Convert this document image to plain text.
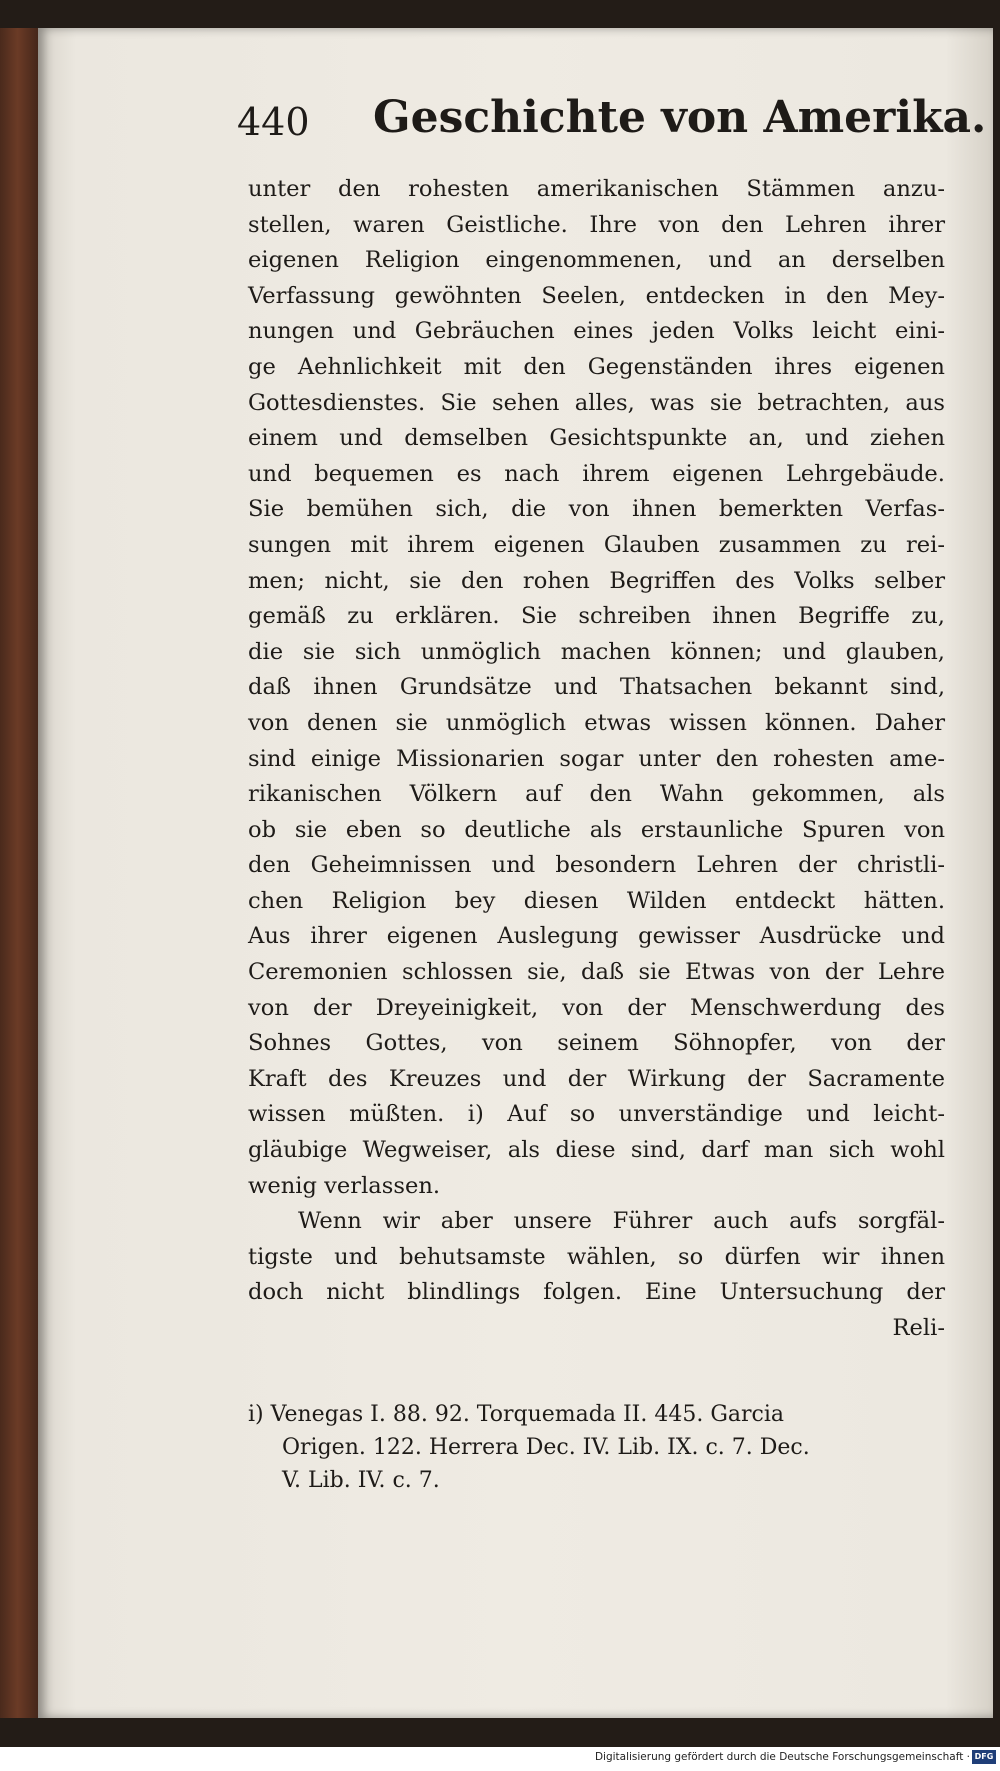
440 Geschichte von Amerika.
unter den rohesten amerikanischen Stämmen anzu-
stellen, waren Geistliche. Ihre von den Lehren ihrer
eigenen Religion eingenommenen, und an derselben
Verfassung gewöhnten Seelen, entdecken in den Mey-
nungen und Gebräuchen eines jeden Volks leicht eini-
ge Aehnlichkeit mit den Gegenständen ihres eigenen
Gottesdienstes. Sie sehen alles, was sie betrachten, aus
einem und demselben Gesichtspunkte an, und ziehen
und bequemen es nach ihrem eigenen Lehrgebäude.
Sie bemühen sich, die von ihnen bemerkten Verfas-
sungen mit ihrem eigenen Glauben zusammen zu rei-
men; nicht, sie den rohen Begriffen des Volks selber
gemäß zu erklären. Sie schreiben ihnen Begriffe zu,
die sie sich unmöglich machen können; und glauben,
daß ihnen Grundsätze und Thatsachen bekannt sind,
von denen sie unmöglich etwas wissen können. Daher
sind einige Missionarien sogar unter den rohesten ame-
rikanischen Völkern auf den Wahn gekommen, als
ob sie eben so deutliche als erstaunliche Spuren von
den Geheimnissen und besondern Lehren der christli-
chen Religion bey diesen Wilden entdeckt hätten.
Aus ihrer eigenen Auslegung gewisser Ausdrücke und
Ceremonien schlossen sie, daß sie Etwas von der Lehre
von der Dreyeinigkeit, von der Menschwerdung des
Sohnes Gottes, von seinem Söhnopfer, von der
Kraft des Kreuzes und der Wirkung der Sacramente
wissen müßten. i) Auf so unverständige und leicht-
gläubige Wegweiser, als diese sind, darf man sich wohl
wenig verlassen.
Wenn wir aber unsere Führer auch aufs sorgfäl-
tigste und behutsamste wählen, so dürfen wir ihnen
doch nicht blindlings folgen. Eine Untersuchung der
Reli-
i) Venegas I. 88. 92. Torquemada II. 445. Garcia
Origen. 122. Herrera Dec. IV. Lib. IX. c. 7. Dec.
V. Lib. IV. c. 7.
Digitalisierung gefördert durch die Deutsche Forschungsgemeinschaft · DFG
